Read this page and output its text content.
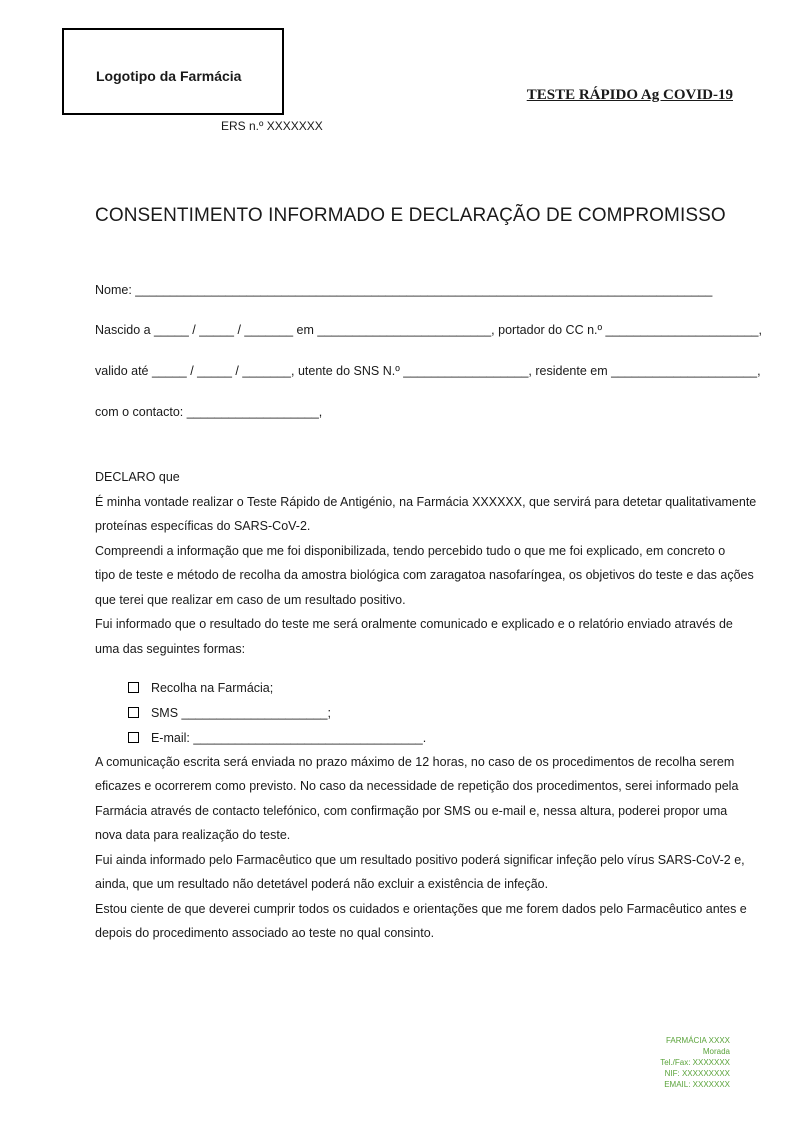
Logotipo da Farmácia
ERS n.º XXXXXXX
TESTE RÁPIDO Ag COVID-19
CONSENTIMENTO INFORMADO E DECLARAÇÃO DE COMPROMISSO
Nome: ___________________________________________________________________________________
Nascido a _____ / _____ / _______ em _________________________, portador do CC n.º ______________________,
valido até _____ / _____ / _______, utente do SNS N.º __________________, residente em _____________________,
com o contacto: ___________________,
DECLARO que
É minha vontade realizar o Teste Rápido de Antigénio, na Farmácia XXXXXX, que servirá para detetar qualitativamente
proteínas específicas do SARS-CoV-2.
Compreendi a informação que me foi disponibilizada, tendo percebido tudo o que me foi explicado, em concreto o
tipo de teste e método de recolha da amostra biológica com zaragatoa nasofaríngea, os objetivos do teste e das ações
que terei que realizar em caso de um resultado positivo.
Fui informado que o resultado do teste me será oralmente comunicado e explicado e o relatório enviado através de
uma das seguintes formas:

Recolha na Farmácia;

SMS _____________________;

E-mail: _________________________________.

A comunicação escrita será enviada no prazo máximo de 12 horas, no caso de os procedimentos de recolha serem
eficazes e ocorrerem como previsto. No caso da necessidade de repetição dos procedimentos, serei informado pela
Farmácia através de contacto telefónico, com confirmação por SMS ou e-mail e, nessa altura, poderei propor uma
nova data para realização do teste.
Fui ainda informado pelo Farmacêutico que um resultado positivo poderá significar infeção pelo vírus SARS-CoV-2 e,
ainda, que um resultado não detetável poderá não excluir a existência de infeção.
Estou ciente de que deverei cumprir todos os cuidados e orientações que me forem dados pelo Farmacêutico antes e
depois do procedimento associado ao teste no qual consinto.
FARMÁCIA XXXX
Morada
Tel./Fax: XXXXXXX
NIF: XXXXXXXXX
EMAIL: XXXXXXX
